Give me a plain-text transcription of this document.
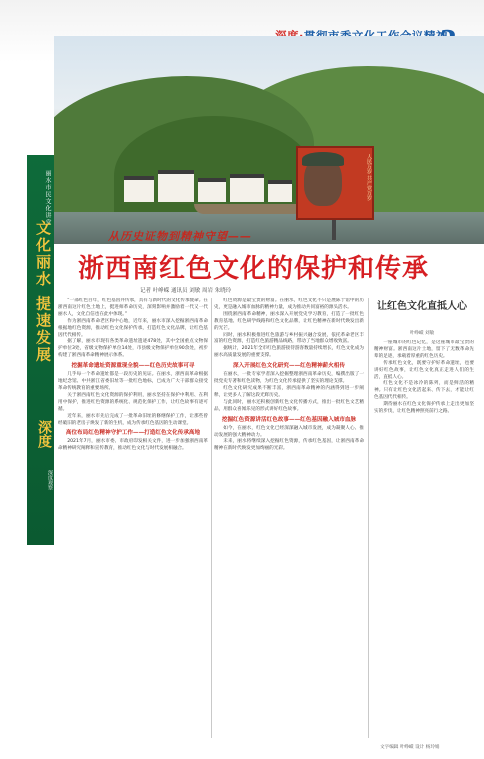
人民万岁 共产党万岁
丽水市民文化讲堂
文化丽水 提速发展
深度
深度观察
从历史证物到精神守望——
浙西南红色文化的保护和传承
记者 叶峥嵘 通讯员 刘敏 周岩 朱晓玲

“一部红色百年，红色基因并传承，具有与新时代的文化传承使命。在浙西南这片红色土地上，挺进师革命历史，深刻影响并激励着一代又一代丽水人，文化自信也在此中体现。”

作为浙西南革命老区和中心地，近年来，丽水市深入挖掘浙西南革命根据地红色资源，推动红色文化保护传承，打造红色文化品牌，让红色基因代代相传。

据了解，丽水市现有各类革命遗址遗迹478处，其中全国重点文物保护单位3处，省级文物保护单位14处，市县级文物保护单位90余处，初步构建了浙西南革命精神展示体系。

挖掘革命遗址资源重现全貌——红色历史故事可寻

几乎每一个革命遗址都是一段历史的见证。在丽水，浙西南革命根据地纪念馆、中共浙江省委旧址等一批红色地标，已成为广大干部群众接受革命传统教育的重要场所。

关于浙西南红色文化资源的保护利用，丽水坚持在保护中利用、在利用中保护，推进红色资源的系统化、规范化保护工作，让红色故事有迹可循。

近年来，丽水市先后完成了一批革命旧址的修缮保护工作，让那些曾经破旧的老房子焕发了新的生机，成为传承红色基因的生动课堂。

高位布局红色精神守护工作——打造红色文化传承高地

2021年7月，丽水市委、市政府印发相关文件，进一步加强浙西南革命精神研究阐释和宣传教育，推动红色文化与时代发展相融合。

红色资源是最宝贵的财富。在丽水，红色文化不只是展陈于馆中的历史，更是融入城市血脉的精神力量，成为推动共同富裕的源头活水。

围绕浙西南革命精神，丽水深入开展党史学习教育，打造了一批红色教育基地、红色研学线路和红色文化品牌，让红色精神在新时代焕发出新的光芒。

同时，丽水积极推进红色旅游与乡村振兴融合发展，依托革命老区丰富的红色资源，打造红色旅游精品线路，带动了当地群众增收致富。

据统计，2021年全市红色旅游接待游客数量持续增长，红色文化成为丽水高质量发展的重要支撑。

深入开展红色文化研究——红色精神薪火相传

在丽水，一批专家学者深入挖掘整理浙西南革命历史，编撰出版了一批党史专著和红色读物，为红色文化传承提供了坚实的理论支撑。

红色文化研究成果不断丰富，浙西南革命精神的内涵得到进一步阐释，让更多人了解这段光辉历史。

与此同时，丽水还积极创新红色文化传播方式，推出一批红色文艺精品，用群众喜闻乐见的形式讲好红色故事。

挖掘红色资源讲活红色故事——红色基因融入城市血脉

如今，在丽水，红色文化已经深深融入城市发展，成为凝聚人心、推动发展的强大精神动力。

未来，丽水将继续深入挖掘红色资源，传承红色基因，让浙西南革命精神在新时代焕发更加绚丽的光彩。

让红色文化直抵人心
叶峥嵘 刘敏

一座城市的红色记忆，是这座城市最宝贵的精神财富。浙西南这片土地，留下了无数革命先辈的足迹，承载着厚重的红色历史。

传承红色文化，既要守护好革命遗址，也要讲好红色故事，让红色文化真正走进人们的生活，直抵人心。

红色文化不是冰冷的陈列，而是鲜活的精神。只有让红色文化活起来、传下去，才能让红色基因代代相传。

期待丽水在红色文化保护传承上走出更加坚实的步伐，让红色精神照亮前行之路。

文字编辑 叶峥嵘 设计 杨玲娟
